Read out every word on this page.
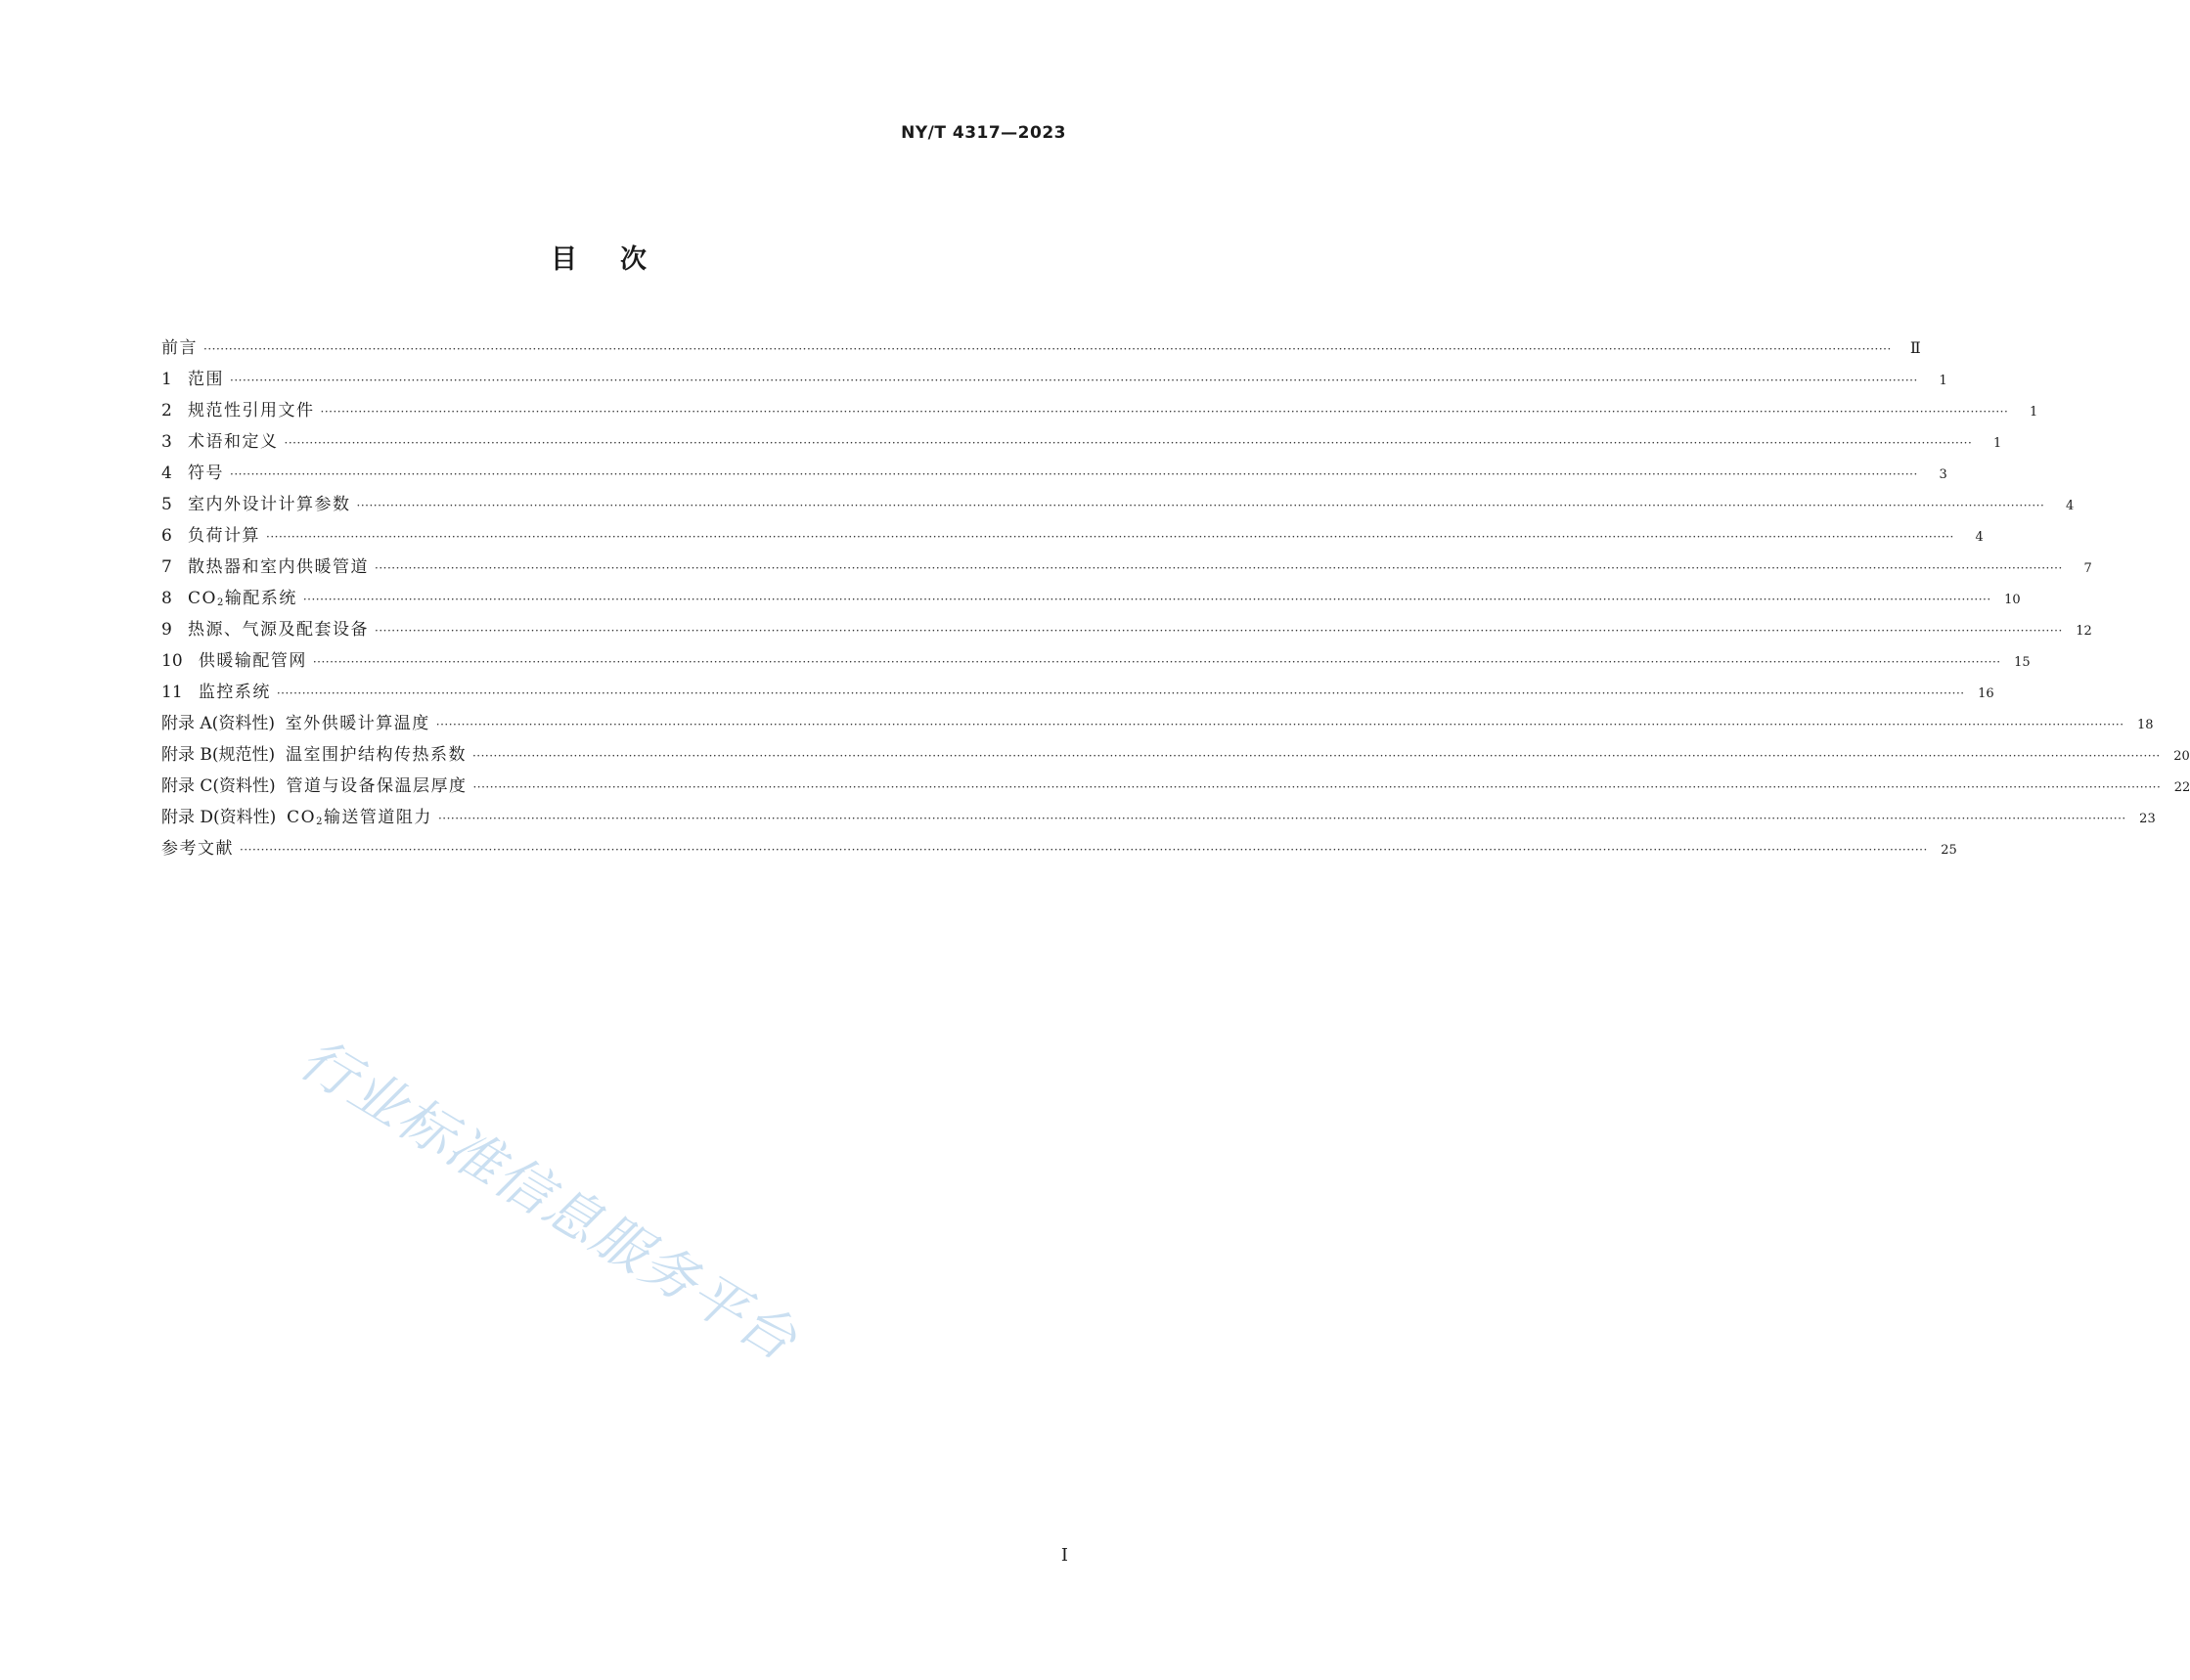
NY/T 4317—2023
目次
前言 ················································································································································································································································································································································································································	Ⅱ
1 范围 ················································································································································································································································································································································································································	1
2 规范性引用文件 ················································································································································································································································································································································································································	1
3 术语和定义 ················································································································································································································································································································································································································	1
4 符号 ················································································································································································································································································································································································································	3
5 室内外设计计算参数 ················································································································································································································································································································································································································	4
6 负荷计算 ················································································································································································································································································································································································································	4
7 散热器和室内供暖管道 ················································································································································································································································································································································································································	7
8 CO2输配系统 ················································································································································································································································································································································································································	10
9 热源、气源及配套设备 ················································································································································································································································································································································································································	12
10 供暖输配管网 ················································································································································································································································································································································································································	15
11 监控系统 ················································································································································································································································································································································································································	16
附录 A(资料性) 室外供暖计算温度 ················································································································································································································································································································································································································	18
附录 B(规范性) 温室围护结构传热系数 ················································································································································································································································································································································································································	20
附录 C(资料性) 管道与设备保温层厚度 ················································································································································································································································································································································································································	22
附录 D(资料性) CO2输送管道阻力 ················································································································································································································································································································································································································	23
参考文献 ················································································································································································································································································································································································································	25
行业标准信息服务平台
I
